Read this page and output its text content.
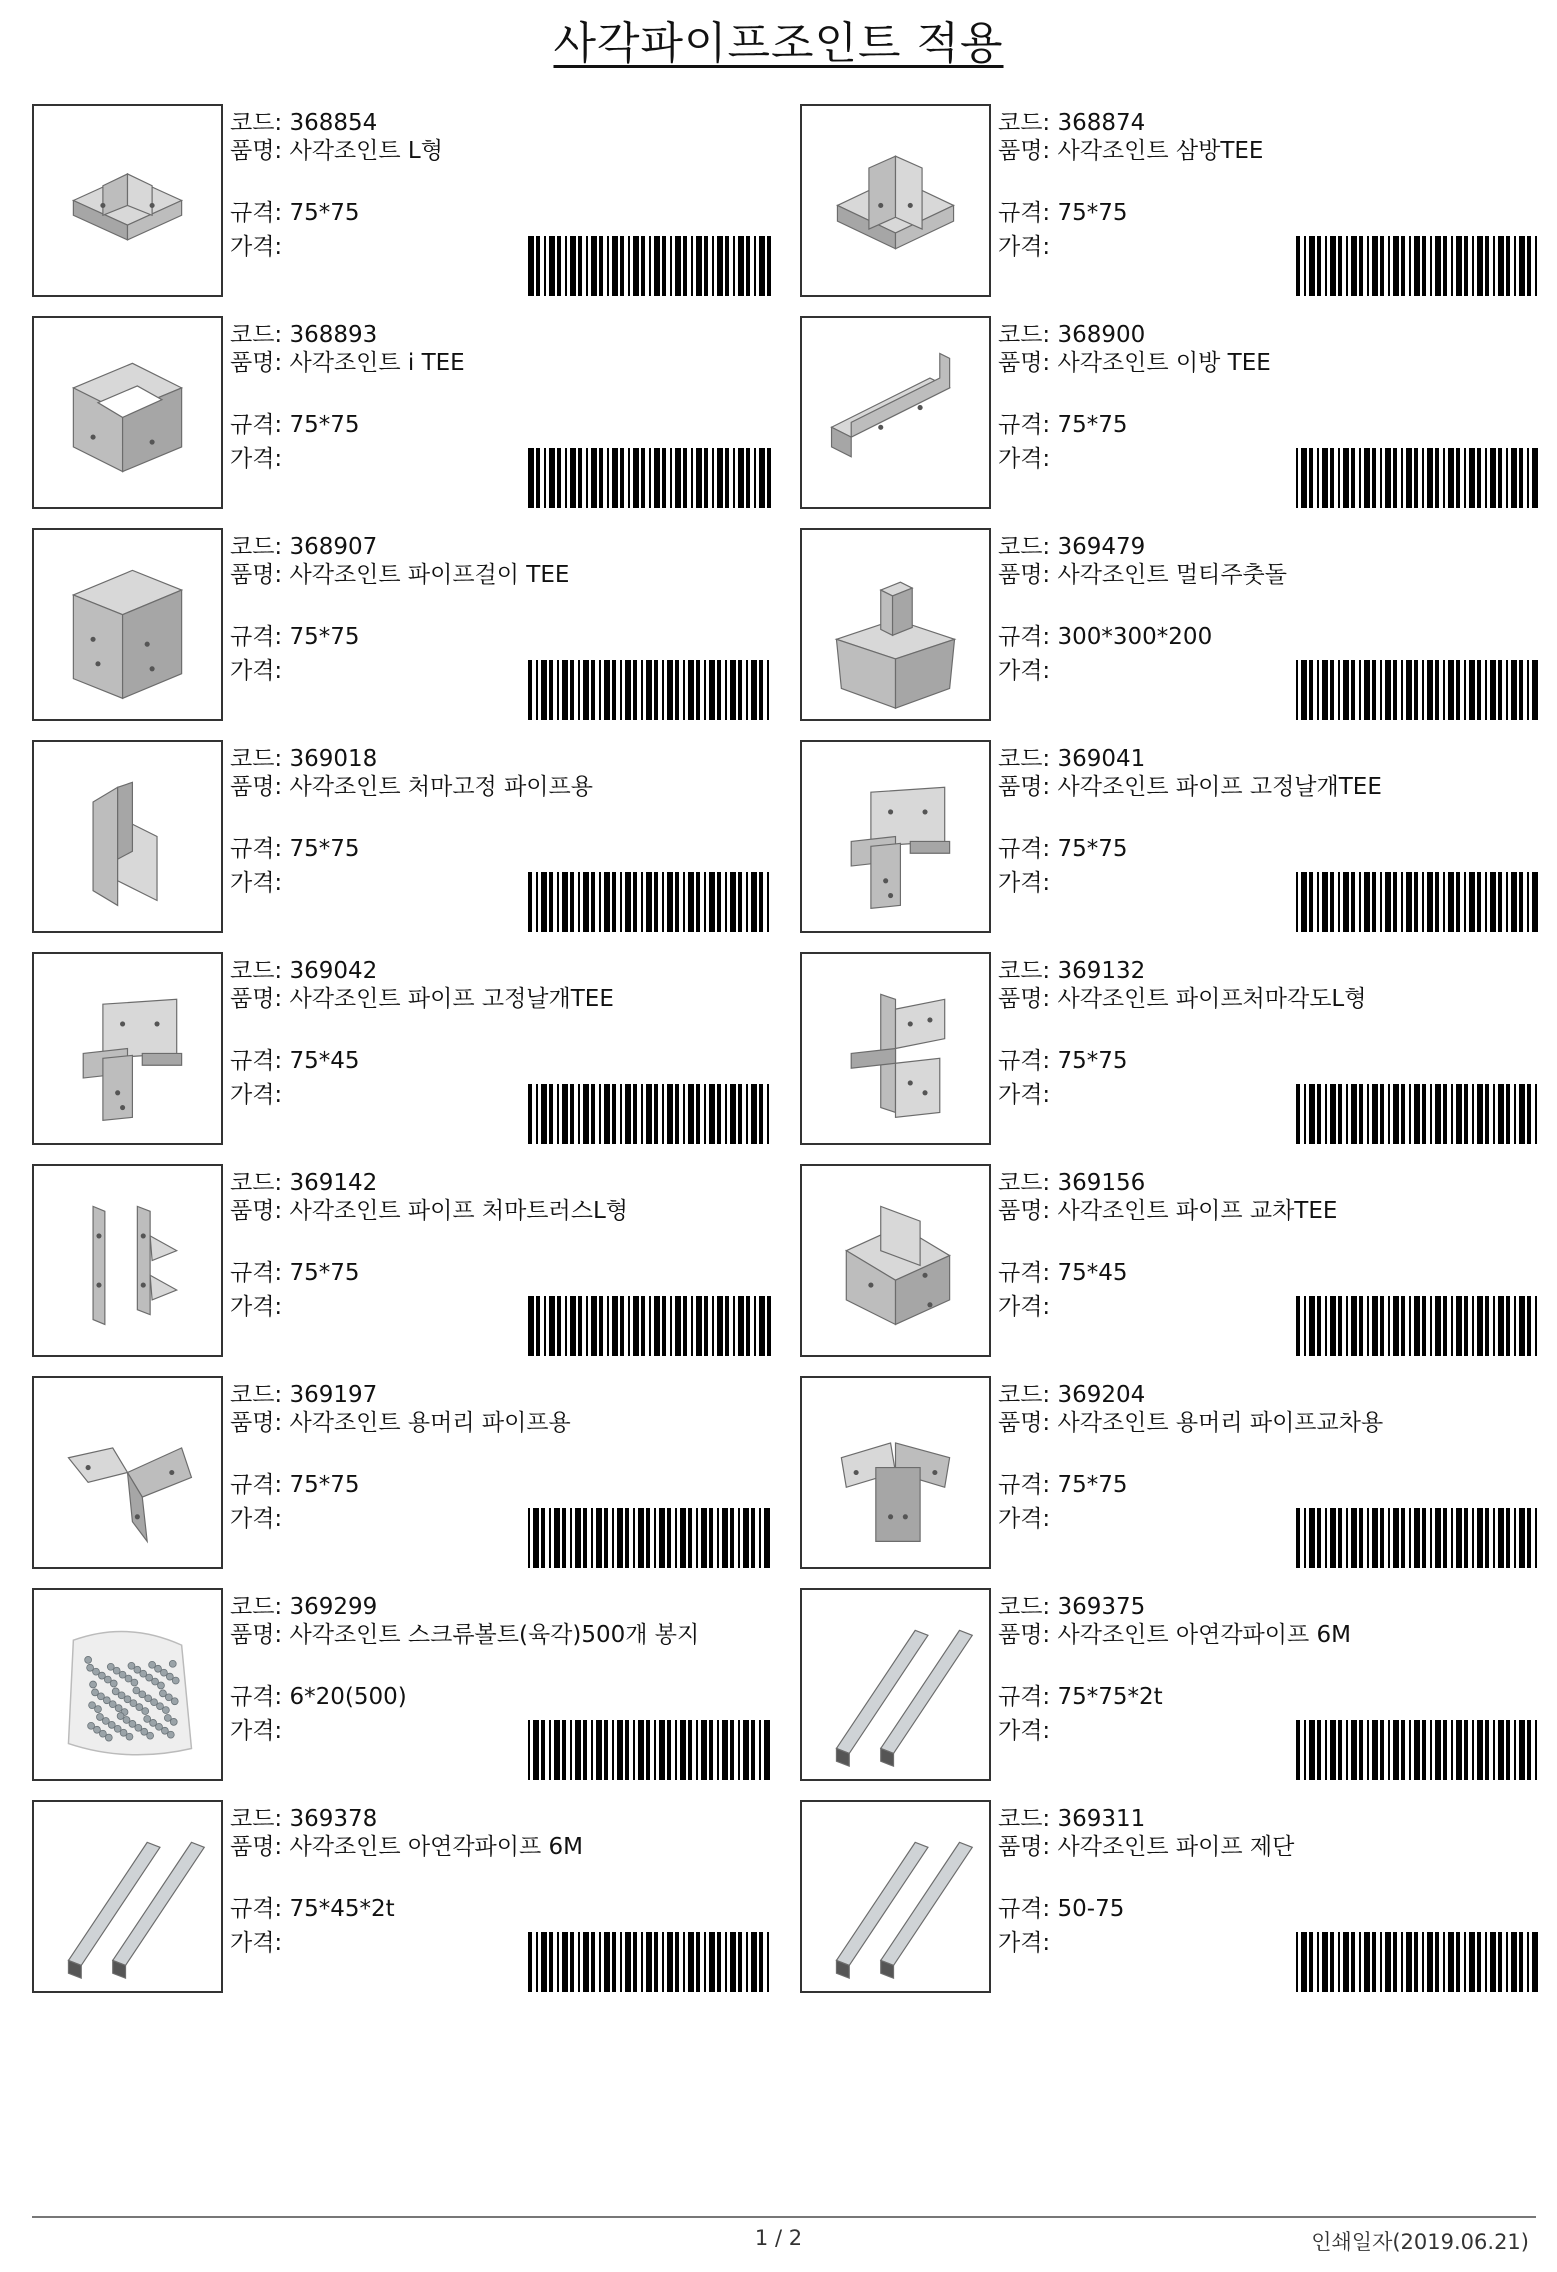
사각파이프조인트 적용
코드: 368854
품명: 사각조인트 L형
규격: 75*75
가격:
코드: 368874
품명: 사각조인트 삼방TEE
규격: 75*75
가격:
코드: 368893
품명: 사각조인트 i TEE
규격: 75*75
가격:
코드: 368900
품명: 사각조인트 이방 TEE
규격: 75*75
가격:
코드: 368907
품명: 사각조인트 파이프걸이 TEE
규격: 75*75
가격:
코드: 369479
품명: 사각조인트 멀티주춧돌
규격: 300*300*200
가격:
코드: 369018
품명: 사각조인트 처마고정 파이프용
규격: 75*75
가격:
코드: 369041
품명: 사각조인트 파이프 고정날개TEE
규격: 75*75
가격:
코드: 369042
품명: 사각조인트 파이프 고정날개TEE
규격: 75*45
가격:
코드: 369132
품명: 사각조인트 파이프처마각도L형
규격: 75*75
가격:
코드: 369142
품명: 사각조인트 파이프 처마트러스L형
규격: 75*75
가격:
코드: 369156
품명: 사각조인트 파이프 교차TEE
규격: 75*45
가격:
코드: 369197
품명: 사각조인트 용머리 파이프용
규격: 75*75
가격:
코드: 369204
품명: 사각조인트 용머리 파이프교차용
규격: 75*75
가격:
코드: 369299
품명: 사각조인트 스크류볼트(육각)500개 봉지
규격: 6*20(500)
가격:
코드: 369375
품명: 사각조인트 아연각파이프 6M
규격: 75*75*2t
가격:
코드: 369378
품명: 사각조인트 아연각파이프 6M
규격: 75*45*2t
가격:
코드: 369311
품명: 사각조인트 파이프 제단
규격: 50-75
가격:
1 / 2	인쇄일자(2019.06.21)
